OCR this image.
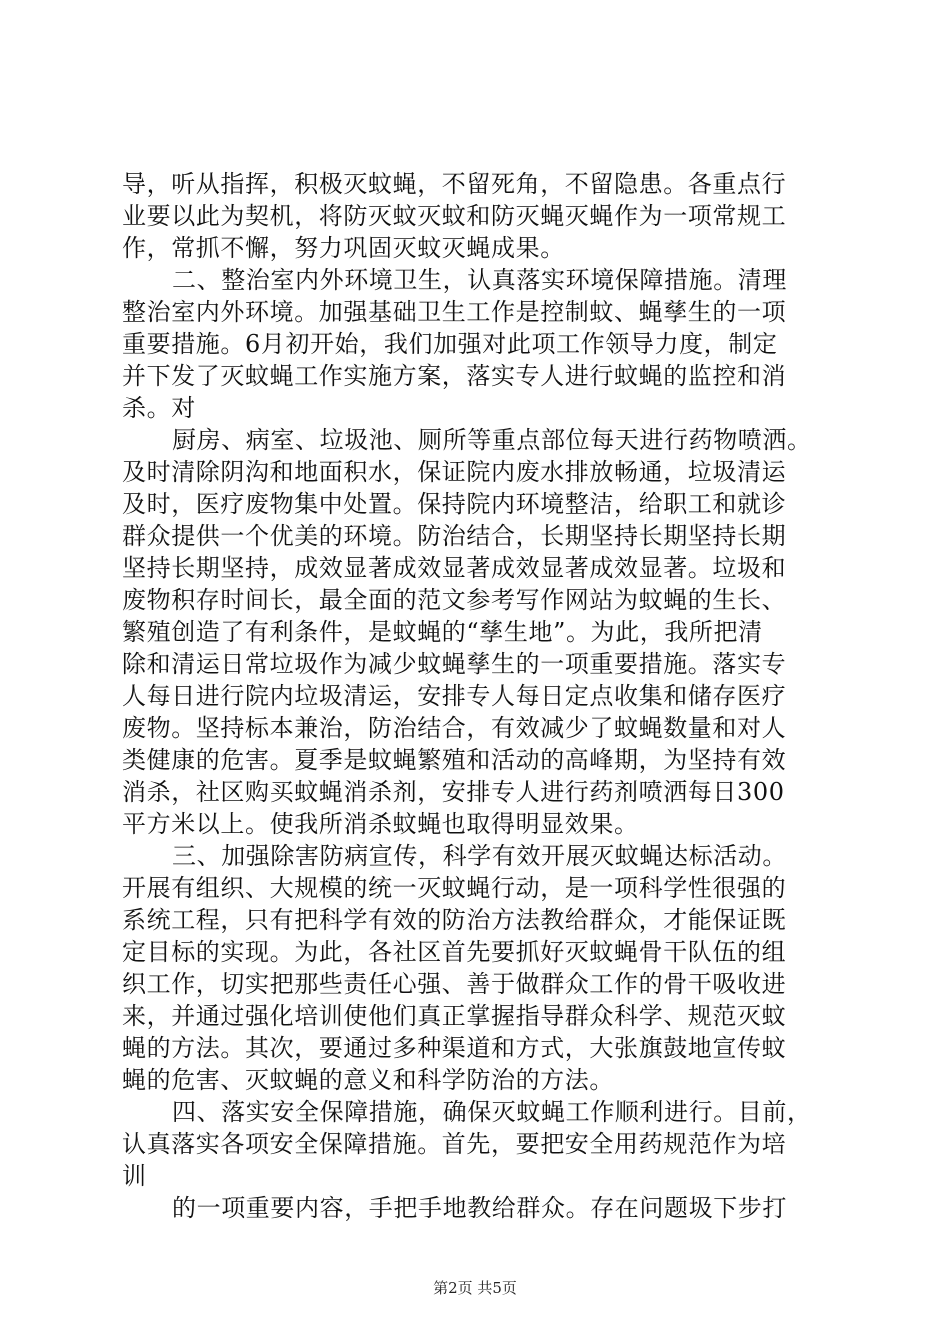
导，听从指挥，积极灭蚊蝇，不留死角，不留隐患。各重点行
业要以此为契机，将防灭蚊灭蚊和防灭蝇灭蝇作为一项常规工
作，常抓不懈，努力巩固灭蚊灭蝇成果。
二、整治室内外环境卫生，认真落实环境保障措施。清理
整治室内外环境。加强基础卫生工作是控制蚊、蝇孳生的一项
重要措施。6月初开始，我们加强对此项工作领导力度，制定
并下发了灭蚊蝇工作实施方案，落实专人进行蚊蝇的监控和消
杀。对
厨房、病室、垃圾池、厕所等重点部位每天进行药物喷洒。
及时清除阴沟和地面积水，保证院内废水排放畅通，垃圾清运
及时，医疗废物集中处置。保持院内环境整洁，给职工和就诊
群众提供一个优美的环境。防治结合，长期坚持长期坚持长期
坚持长期坚持，成效显著成效显著成效显著成效显著。垃圾和
废物积存时间长，最全面的范文参考写作网站为蚊蝇的生长、
繁殖创造了有利条件，是蚊蝇的“孳生地”。为此，我所把清
除和清运日常垃圾作为减少蚊蝇孳生的一项重要措施。落实专
人每日进行院内垃圾清运，安排专人每日定点收集和储存医疗
废物。坚持标本兼治，防治结合，有效减少了蚊蝇数量和对人
类健康的危害。夏季是蚊蝇繁殖和活动的高峰期，为坚持有效
消杀，社区购买蚊蝇消杀剂，安排专人进行药剂喷洒每日300
平方米以上。使我所消杀蚊蝇也取得明显效果。
三、加强除害防病宣传，科学有效开展灭蚊蝇达标活动。
开展有组织、大规模的统一灭蚊蝇行动，是一项科学性很强的
系统工程，只有把科学有效的防治方法教给群众，才能保证既
定目标的实现。为此，各社区首先要抓好灭蚊蝇骨干队伍的组
织工作，切实把那些责任心强、善于做群众工作的骨干吸收进
来，并通过强化培训使他们真正掌握指导群众科学、规范灭蚊
蝇的方法。其次，要通过多种渠道和方式，大张旗鼓地宣传蚊
蝇的危害、灭蚊蝇的意义和科学防治的方法。
四、落实安全保障措施，确保灭蚊蝇工作顺利进行。目前，
认真落实各项安全保障措施。首先，要把安全用药规范作为培
训
的一项重要内容，手把手地教给群众。存在问题圾下步打
第2页 共5页
